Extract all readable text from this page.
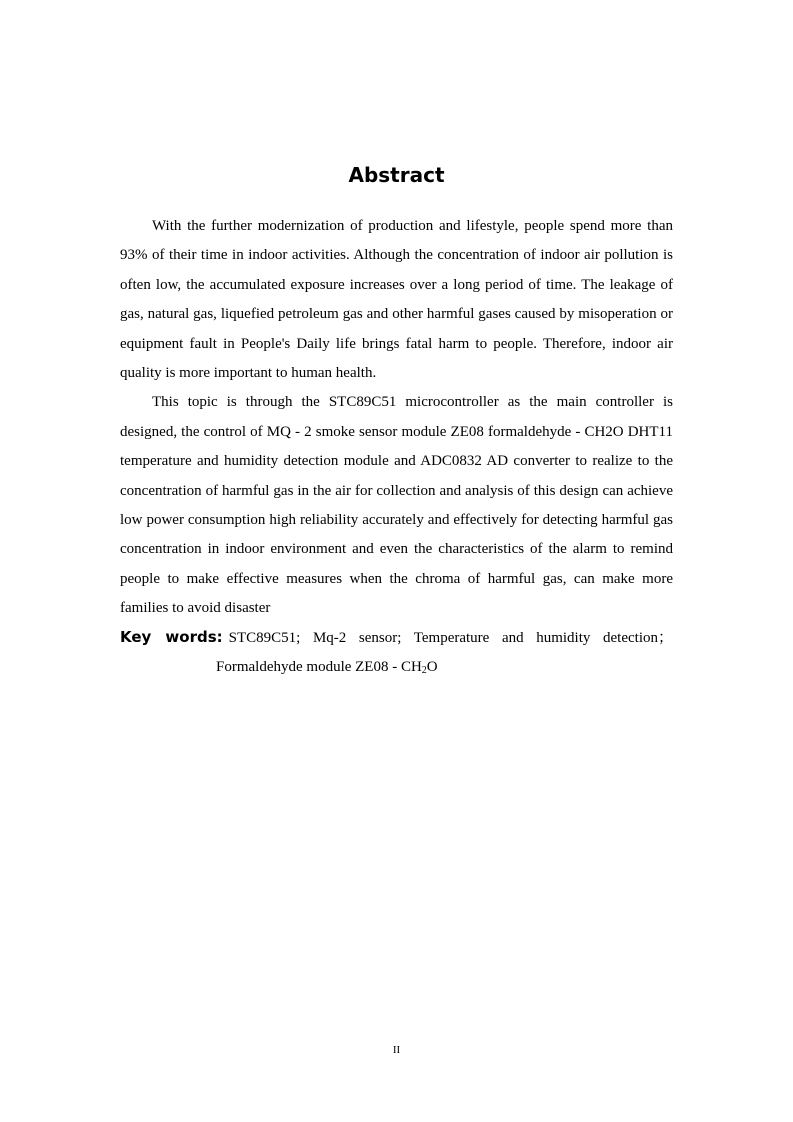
Abstract

With the further modernization of production and lifestyle, people spend more than 93% of their time in indoor activities. Although the concentration of indoor air pollution is often low, the accumulated exposure increases over a long period of time. The leakage of gas, natural gas, liquefied petroleum gas and other harmful gases caused by misoperation or equipment fault in People's Daily life brings fatal harm to people. Therefore, indoor air quality is more important to human health.

This topic is through the STC89C51 microcontroller as the main controller is designed, the control of MQ - 2 smoke sensor module ZE08 formaldehyde - CH2O DHT11 temperature and humidity detection module and ADC0832 AD converter to realize to the concentration of harmful gas in the air for collection and analysis of this design can achieve low power consumption high reliability accurately and effectively for detecting harmful gas concentration in indoor environment and even the characteristics of the alarm to remind people to make effective measures when the chroma of harmful gas, can make more families to avoid disaster

Key words: STC89C51; Mq-2 sensor; Temperature and humidity detection；
Formaldehyde module $ZE08 - CH_2O$
II
